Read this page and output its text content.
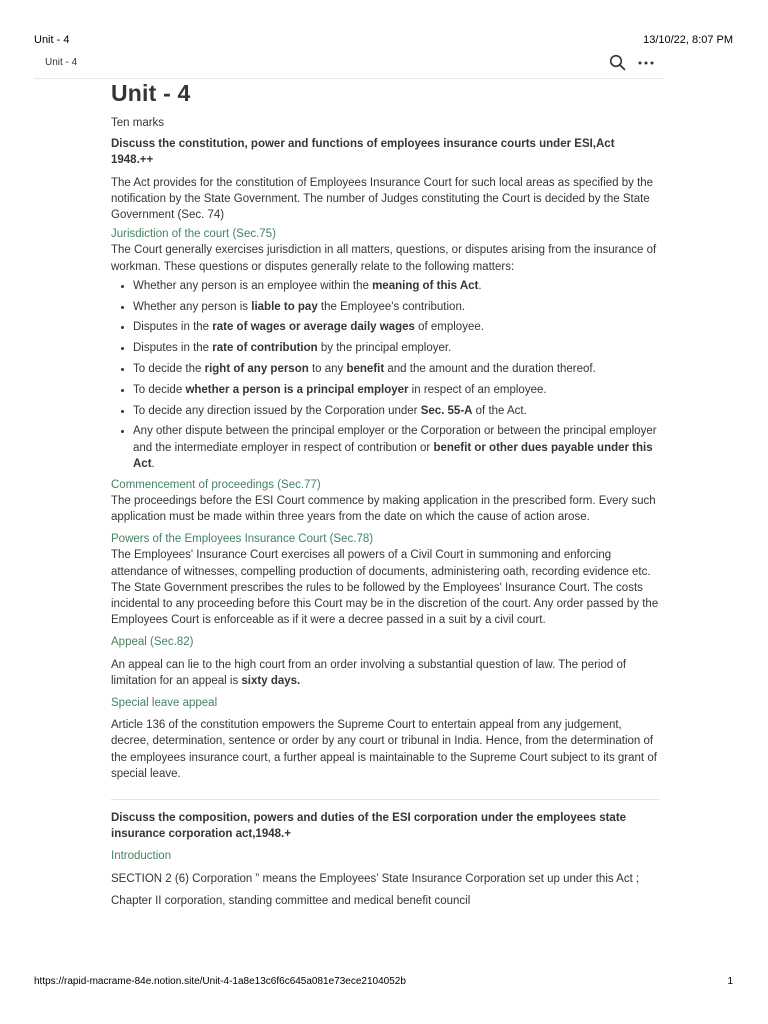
Unit - 4	13/10/22, 8:07 PM
Unit - 4
Unit - 4

Ten marks

Discuss the constitution, power and functions of employees insurance courts under ESI,Act 1948.++

The Act provides for the constitution of Employees Insurance Court for such local areas as specified by the notification by the State Government. The number of Judges constituting the Court is decided by the State Government (Sec. 74)

Jurisdiction of the court (Sec.75)

The Court generally exercises jurisdiction in all matters, questions, or disputes arising from the insurance of workman. These questions or disputes generally relate to the following matters:

• Whether any person is an employee within the meaning of this Act.
• Whether any person is liable to pay the Employee's contribution.
• Disputes in the rate of wages or average daily wages of employee.
• Disputes in the rate of contribution by the principal employer.
• To decide the right of any person to any benefit and the amount and the duration thereof.
• To decide whether a person is a principal employer in respect of an employee.
• To decide any direction issued by the Corporation under Sec. 55-A of the Act.
• Any other dispute between the principal employer or the Corporation or between the principal employer and the intermediate employer in respect of contribution or benefit or other dues payable under this Act.

Commencement of proceedings (Sec.77)

The proceedings before the ESI Court commence by making application in the prescribed form. Every such application must be made within three years from the date on which the cause of action arose.

Powers of the Employees Insurance Court (Sec.78)

The Employees' Insurance Court exercises all powers of a Civil Court in summoning and enforcing attendance of witnesses, compelling production of documents, administering oath, recording evidence etc.

The State Government prescribes the rules to be followed by the Employees' Insurance Court. The costs incidental to any proceeding before this Court may be in the discretion of the court. Any order passed by the Employees Court is enforceable as if it were a decree passed in a suit by a civil court.

Appeal (Sec.82)

An appeal can lie to the high court from an order involving a substantial question of law. The period of limitation for an appeal is sixty days.

Special leave appeal

Article 136 of the constitution empowers the Supreme Court to entertain appeal from any judgement, decree, determination, sentence or order by any court or tribunal in India. Hence, from the determination of the employees insurance court, a further appeal is maintainable to the Supreme Court subject to its grant of special leave.

Discuss the composition, powers and duties of the ESI corporation under the employees state insurance corporation act,1948.+

Introduction

SECTION 2 (6) Corporation ” means the Employees’ State Insurance Corporation set up under this Act ;

Chapter II corporation, standing committee and medical benefit council

https://rapid-macrame-84e.notion.site/Unit-4-1a8e13c6f6c645a081e73ece2104052b	1
